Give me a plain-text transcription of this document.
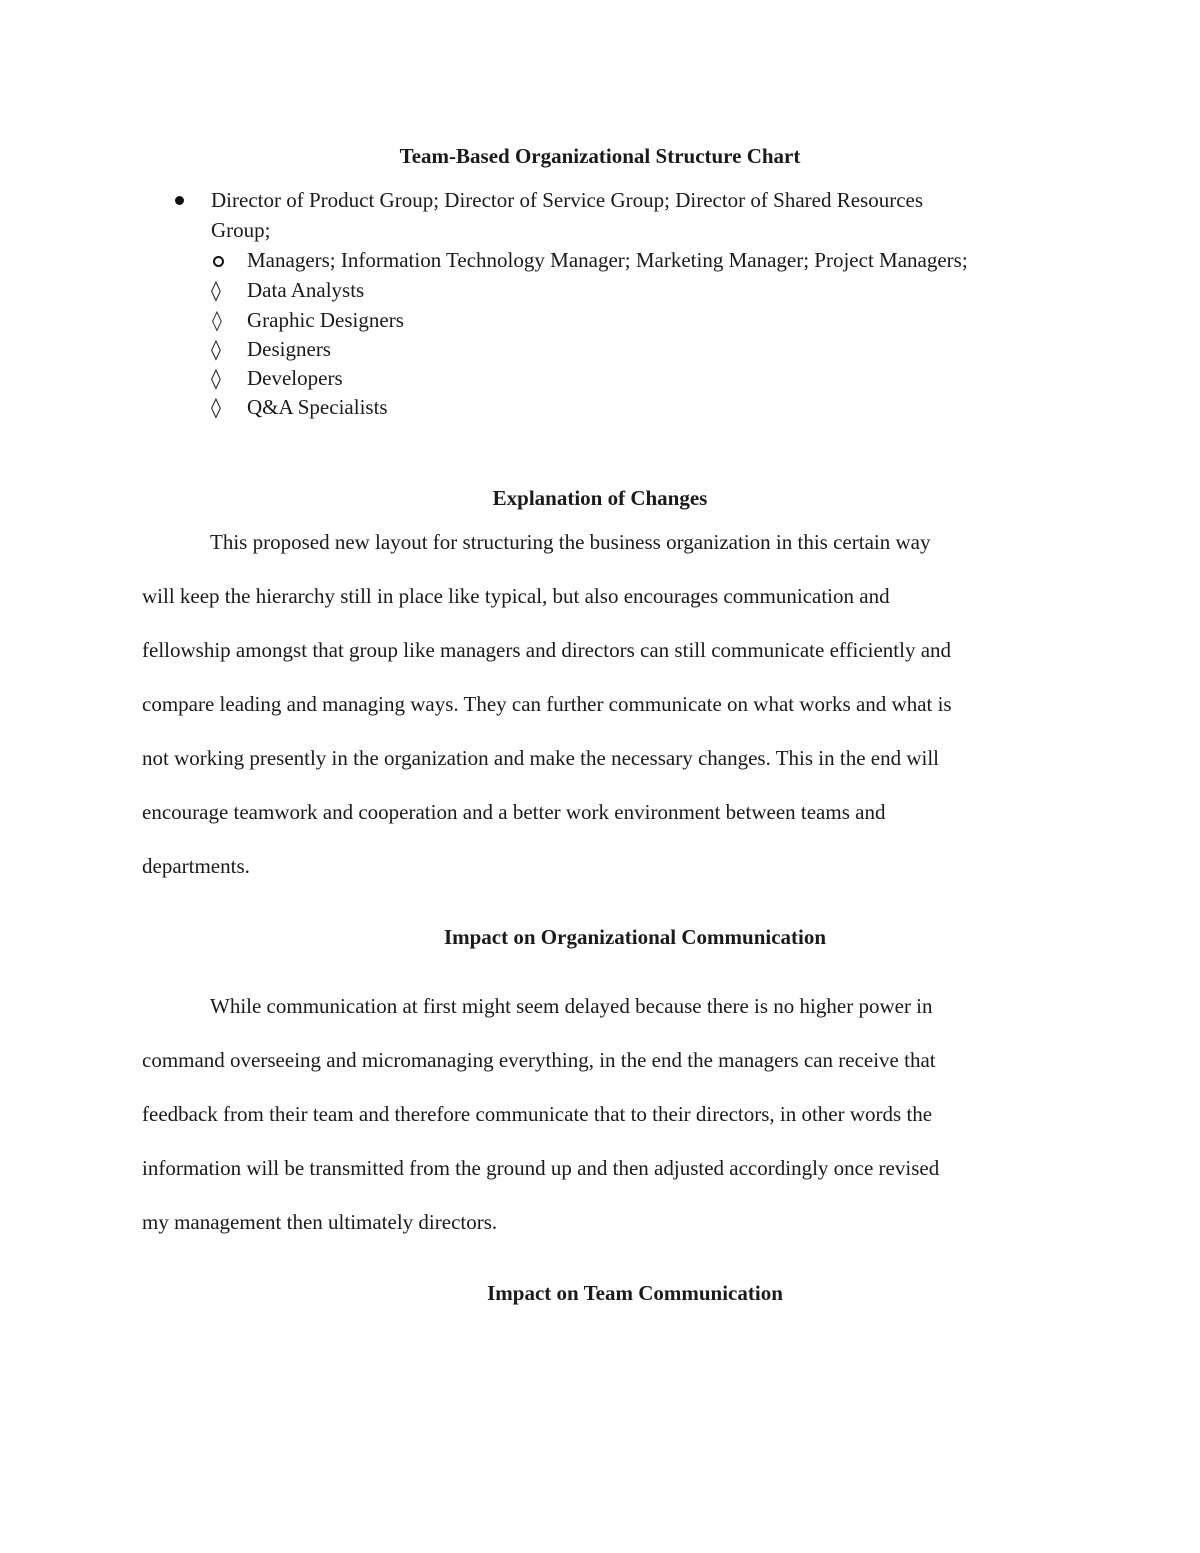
Team-Based Organizational Structure Chart
Director of Product Group; Director of Service Group; Director of Shared Resources
Group;
Managers; Information Technology Manager; Marketing Manager; Project Managers;
◊ Data Analysts
◊ Graphic Designers
◊ Designers
◊ Developers
◊ Q&A Specialists
Explanation of Changes
This proposed new layout for structuring the business organization in this certain way
will keep the hierarchy still in place like typical, but also encourages communication and
fellowship amongst that group like managers and directors can still communicate efficiently and
compare leading and managing ways. They can further communicate on what works and what is
not working presently in the organization and make the necessary changes. This in the end will
encourage teamwork and cooperation and a better work environment between teams and
departments.
Impact on Organizational Communication
While communication at first might seem delayed because there is no higher power in
command overseeing and micromanaging everything, in the end the managers can receive that
feedback from their team and therefore communicate that to their directors, in other words the
information will be transmitted from the ground up and then adjusted accordingly once revised
my management then ultimately directors.
Impact on Team Communication
